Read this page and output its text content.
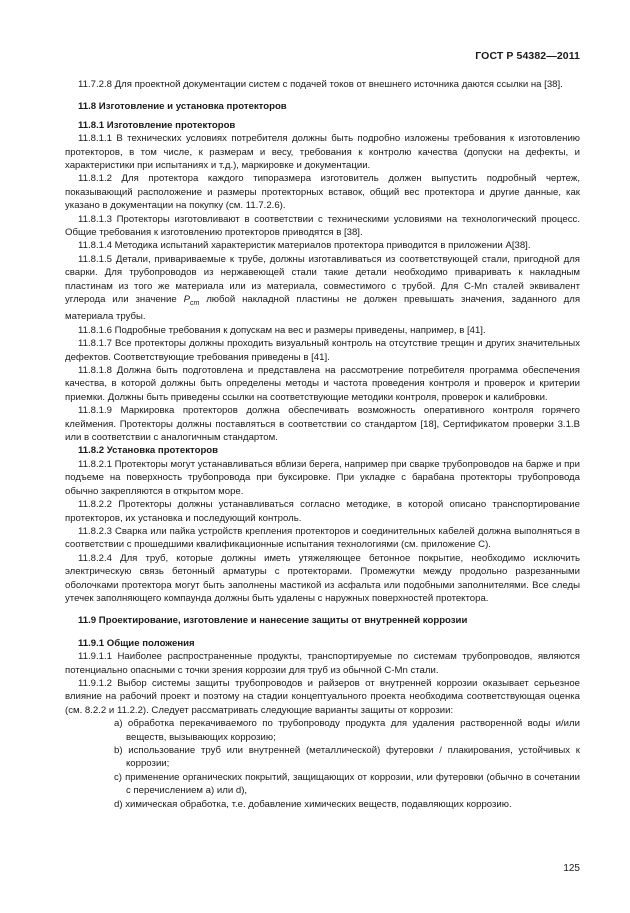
ГОСТ Р 54382—2011

11.7.2.8 Для проектной документации систем с подачей токов от внешнего источника даются ссылки на [38].

11.8 Изготовление и установка протекторов

11.8.1 Изготовление протекторов

11.8.1.1 В технических условиях потребителя должны быть подробно изложены требования к изготовлению протекторов, в том числе, к размерам и весу, требования к контролю качества (допуски на дефекты, и характеристики при испытаниях и т.д.), маркировке и документации.

11.8.1.2 Для протектора каждого типоразмера изготовитель должен выпустить подробный чертеж, показывающий расположение и размеры протекторных вставок, общий вес протектора и другие данные, как указано в документации на покупку (см. 11.7.2.6).

11.8.1.3 Протекторы изготовливают в соответствии с техническими условиями на технологический процесс. Общие требования к изготовлению протекторов приводятся в [38].

11.8.1.4 Методика испытаний характеристик материалов протектора приводится в приложении А[38].

11.8.1.5 Детали, привариваемые к трубе, должны изготавливаться из соответствующей стали, пригодной для сварки. Для трубопроводов из нержавеющей стали такие детали необходимо приваривать к накладным пластинам из того же материала или из материала, совместимого с трубой. Для C-Mn сталей эквивалент углерода или значение $P_{cm}$ любой накладной пластины не должен превышать значения, заданного для материала трубы.

11.8.1.6 Подробные требования к допускам на вес и размеры приведены, например, в [41].

11.8.1.7 Все протекторы должны проходить визуальный контроль на отсутствие трещин и других значительных дефектов. Соответствующие требования приведены в [41].

11.8.1.8 Должна быть подготовлена и представлена на рассмотрение потребителя программа обеспечения качества, в которой должны быть определены методы и частота проведения контроля и проверок и критерии приемки. Должны быть приведены ссылки на соответствующие методики контроля, проверок и калибровки.

11.8.1.9 Маркировка протекторов должна обеспечивать возможность оперативного контроля горячего клеймения. Протекторы должны поставляться в соответствии со стандартом [18], Сертификатом проверки 3.1.В или в соответствии с аналогичным стандартом.

11.8.2 Установка протекторов

11.8.2.1 Протекторы могут устанавливаться вблизи берега, например при сварке трубопроводов на барже и при подъеме на поверхность трубопровода при буксировке. При укладке с барабана протекторы трубопровода обычно закрепляются в открытом море.

11.8.2.2 Протекторы должны устанавливаться согласно методике, в которой описано транспортирование протекторов, их установка и последующий контроль.

11.8.2.3 Сварка или пайка устройств крепления протекторов и соединительных кабелей должна выполняться в соответствии с прошедшими квалификационные испытания технологиями (см. приложение С).

11.8.2.4 Для труб, которые должны иметь утяжеляющее бетонное покрытие, необходимо исключить электрическую связь бетонный арматуры с протекторами. Промежутки между продольно разрезанными оболочками протектора могут быть заполнены мастикой из асфальта или подобными заполнителями. Все следы утечек заполняющего компаунда должны быть удалены с наружных поверхностей протектора.

11.9 Проектирование, изготовление и нанесение защиты от внутренней коррозии

11.9.1 Общие положения

11.9.1.1 Наиболее распространенные продукты, транспортируемые по системам трубопроводов, являются потенциально опасными с точки зрения коррозии для труб из обычной C-Mn стали.

11.9.1.2 Выбор системы защиты трубопроводов и райзеров от внутренней коррозии оказывает серьезное влияние на рабочий проект и поэтому на стадии концептуального проекта необходима соответствующая оценка (см. 8.2.2 и 11.2.2). Следует рассматривать следующие варианты защиты от коррозии:

a) обработка перекачиваемого по трубопроводу продукта для удаления растворенной воды и/или веществ, вызывающих коррозию;

b) использование труб или внутренней (металлической) футеровки / плакирования, устойчивых к коррозии;

c) применение органических покрытий, защищающих от коррозии, или футеровки (обычно в сочетании с перечислением a) или d),

d) химическая обработка, т.е. добавление химических веществ, подавляющих коррозию.

125
